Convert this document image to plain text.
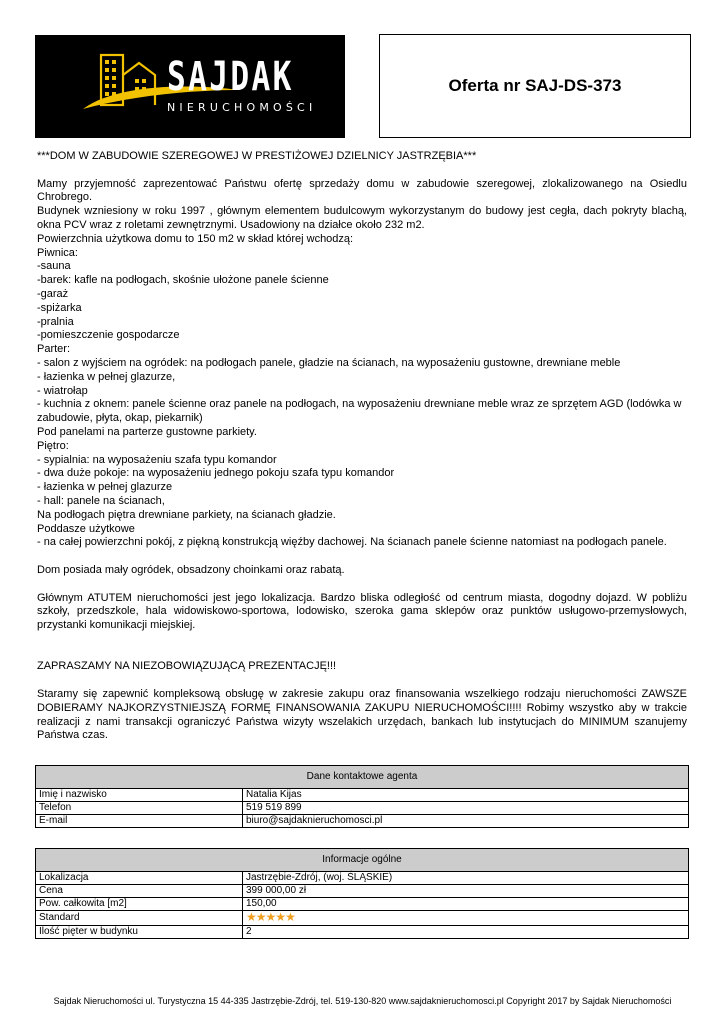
SAJDAK
NIERUCHOMOŚCI
Oferta nr SAJ-DS-373

***DOM W ZABUDOWIE SZEREGOWEJ W PRESTIŻOWEJ DZIELNICY JASTRZĘBIA***

Mamy przyjemność zaprezentować Państwu ofertę sprzedaży domu w zabudowie szeregowej, zlokalizowanego na Osiedlu Chrobrego.

Budynek wzniesiony w roku 1997 , głównym elementem budulcowym wykorzystanym do budowy jest cegła, dach pokryty blachą, okna PCV wraz z roletami zewnętrznymi. Usadowiony na działce około 232 m2.

Powierzchnia użytkowa domu to 150 m2 w skład której wchodzą:

Piwnica:

-sauna

-barek: kafle na podłogach, skośnie ułożone panele ścienne

-garaż

-spiżarka

-pralnia

-pomieszczenie gospodarcze

Parter:

- salon z wyjściem na ogródek: na podłogach panele, gładzie na ścianach, na wyposażeniu gustowne, drewniane meble

- łazienka w pełnej glazurze,

- wiatrołap

- kuchnia z oknem: panele ścienne oraz panele na podłogach, na wyposażeniu drewniane meble wraz ze sprzętem AGD (lodówka w zabudowie, płyta, okap, piekarnik)

Pod panelami na parterze gustowne parkiety.

Piętro:

- sypialnia: na wyposażeniu szafa typu komandor

- dwa duże pokoje: na wyposażeniu jednego pokoju szafa typu komandor

- łazienka w pełnej glazurze

- hall: panele na ścianach,

Na podłogach piętra drewniane parkiety, na ścianach gładzie.

Poddasze użytkowe

- na całej powierzchni pokój, z piękną konstrukcją więźby dachowej. Na ścianach panele ścienne natomiast na podłogach panele.

Dom posiada mały ogródek, obsadzony choinkami oraz rabatą.

Głównym ATUTEM nieruchomości jest jego lokalizacja. Bardzo bliska odległość od centrum miasta, dogodny dojazd. W pobliżu szkoły, przedszkole, hala widowiskowo-sportowa, lodowisko, szeroka gama sklepów oraz punktów usługowo-przemysłowych, przystanki komunikacji miejskiej.

ZAPRASZAMY NA NIEZOBOWIĄZUJĄCĄ PREZENTACJĘ!!!

Staramy się zapewnić kompleksową obsługę w zakresie zakupu oraz finansowania wszelkiego rodzaju nieruchomości ZAWSZE DOBIERAMY NAJKORZYSTNIEJSZĄ FORMĘ FINANSOWANIA ZAKUPU NIERUCHOMOŚCI!!!! Robimy wszystko aby w trakcie realizacji z nami transakcji ograniczyć Państwa wizyty wszelakich urzędach, bankach lub instytucjach do MINIMUM szanujemy Państwa czas.

Dane kontaktowe agenta	
Imię i nazwisko	Natalia Kijas
Telefon	519 519 899
E-mail	biuro@sajdaknieruchomosci.pl
Informacje ogólne	
Lokalizacja	Jastrzębie-Zdrój, (woj. ŚLĄSKIE)
Cena	399 000,00 zł
Pow. całkowita [m2]	150,00
Standard	★★★★★
Ilość pięter w budynku	2
Sajdak Nieruchomości ul. Turystyczna 15 44-335 Jastrzębie-Zdrój, tel. 519-130-820 www.sajdaknieruchomosci.pl Copyright 2017 by Sajdak Nieruchomości
